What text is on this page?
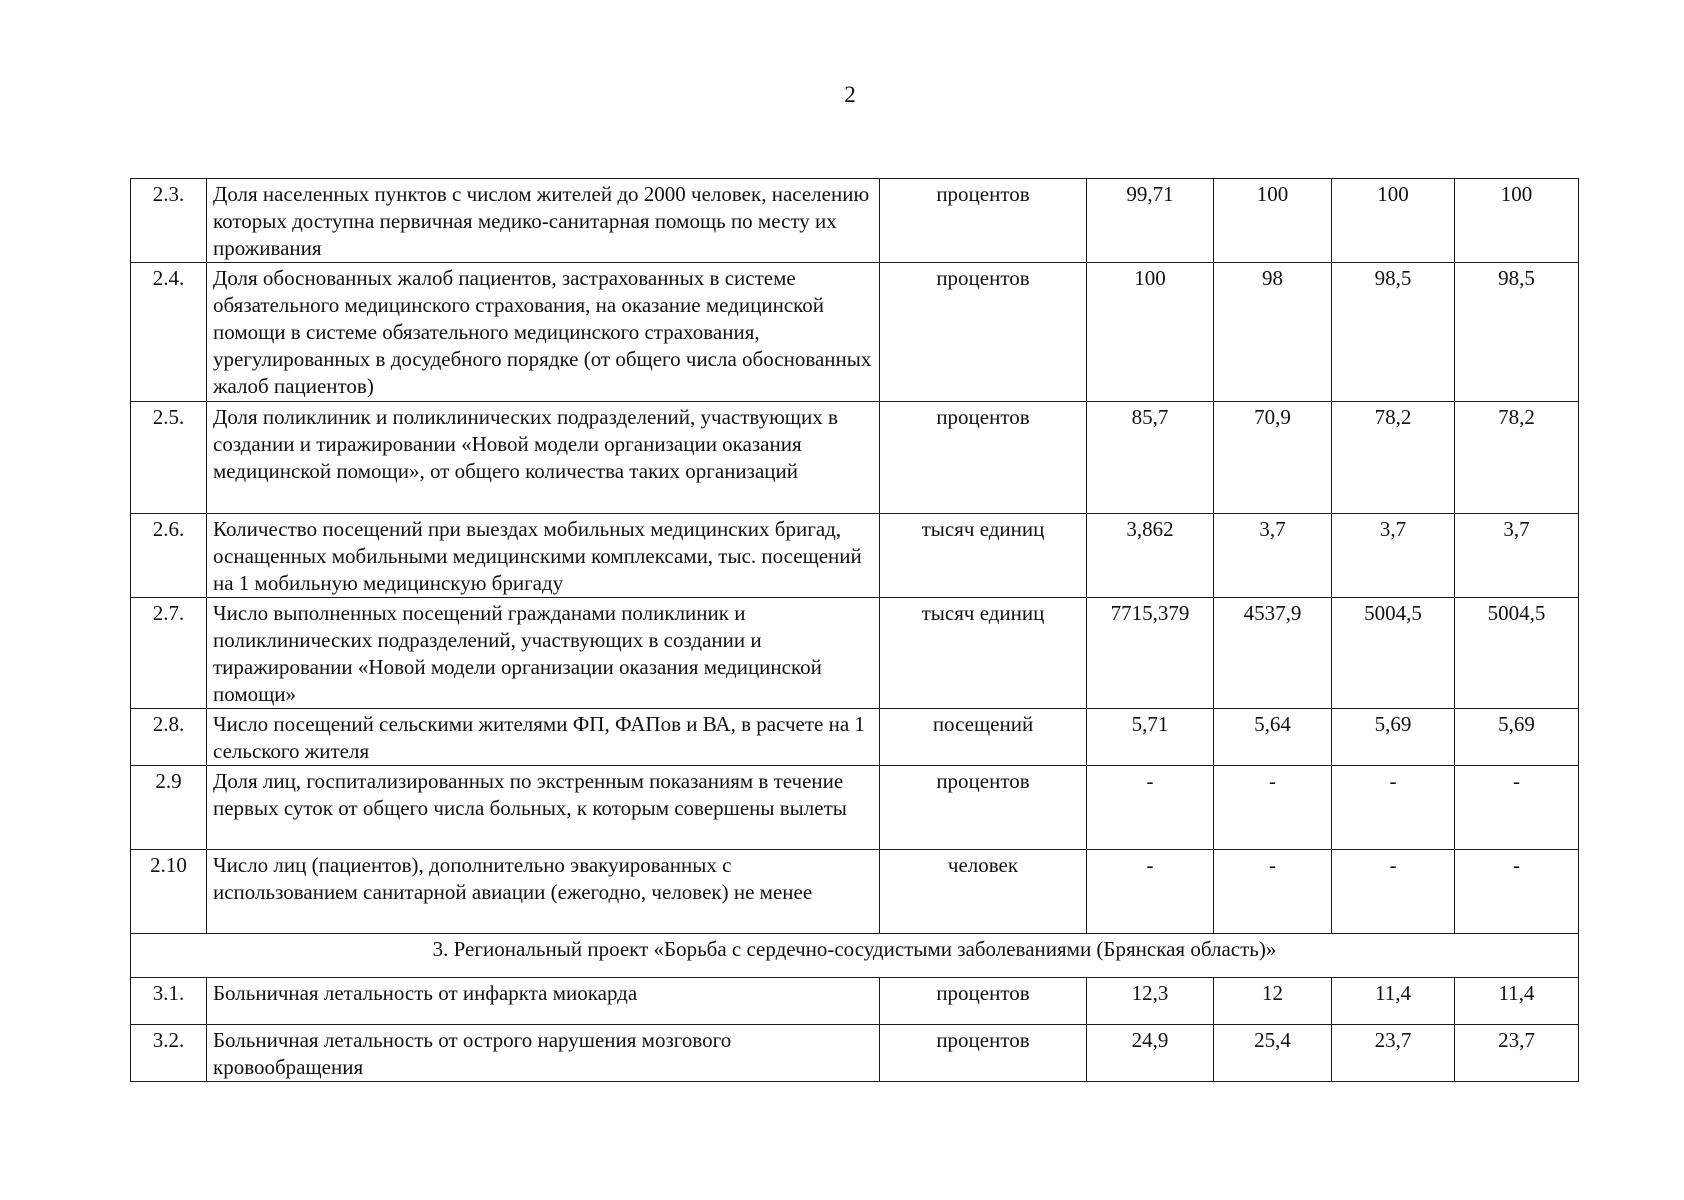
2
2.3.	Доля населенных пунктов с числом жителей до 2000 человек, населению которых доступна первичная медико-санитарная помощь по месту их проживания	процентов	99,71	100	100	100
2.4.	Доля обоснованных жалоб пациентов, застрахованных в системе обязательного медицинского страхования, на оказание медицинской помощи в системе обязательного медицинского страхования, урегулированных в досудебного порядке (от общего числа обоснованных жалоб пациентов)	процентов	100	98	98,5	98,5
2.5.	Доля поликлиник и поликлинических подразделений, участвующих в создании и тиражировании «Новой модели организации оказания медицинской помощи», от общего количества таких организаций	процентов	85,7	70,9	78,2	78,2
2.6.	Количество посещений при выездах мобильных медицинских бригад, оснащенных мобильными медицинскими комплексами, тыс. посещений на 1 мобильную медицинскую бригаду	тысяч единиц	3,862	3,7	3,7	3,7
2.7.	Число выполненных посещений гражданами поликлиник и поликлинических подразделений, участвующих в создании и тиражировании «Новой модели организации оказания медицинской помощи»	тысяч единиц	7715,379	4537,9	5004,5	5004,5
2.8.	Число посещений сельскими жителями ФП, ФАПов и ВА, в расчете на 1 сельского жителя	посещений	5,71	5,64	5,69	5,69
2.9	Доля лиц, госпитализированных по экстренным показаниям в течение первых суток от общего числа больных, к которым совершены вылеты	процентов	-	-	-	-
2.10	Число лиц (пациентов), дополнительно эвакуированных с использованием санитарной авиации (ежегодно, человек) не менее	человек	-	-	-	-
3. Региональный проект «Борьба с сердечно-сосудистыми заболеваниями (Брянская область)»						
3.1.	Больничная летальность от инфаркта миокарда	процентов	12,3	12	11,4	11,4
3.2.	Больничная летальность от острого нарушения мозгового кровообращения	процентов	24,9	25,4	23,7	23,7
